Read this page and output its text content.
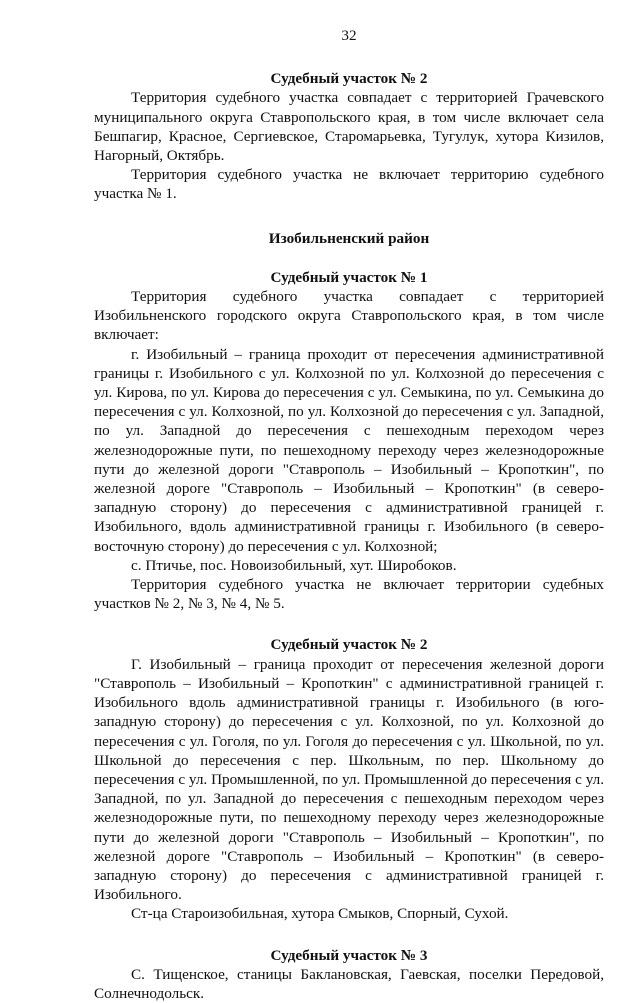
32
Судебный участок № 2

Территория судебного участка совпадает с территорией Грачевского муниципального округа Ставропольского края, в том числе включает села Бешпагир, Красное, Сергиевское, Старомарьевка, Тугулук, хутора Кизилов, Нагорный, Октябрь.

Территория судебного участка не включает территорию судебного участка № 1.

Изобильненский район
Судебный участок № 1

Территория судебного участка совпадает с территорией Изобильненского городского округа Ставропольского края, в том числе включает:

г. Изобильный – граница проходит от пересечения административной границы г. Изобильного с ул. Колхозной по ул. Колхозной до пересечения с ул. Кирова, по ул. Кирова до пересечения с ул. Семыкина, по ул. Семыкина до пересечения с ул. Колхозной, по ул. Колхозной до пересечения с ул. Западной, по ул. Западной до пересечения с пешеходным переходом через железнодорожные пути, по пешеходному переходу через железнодорожные пути до железной дороги "Ставрополь – Изобильный – Кропоткин", по железной дороге "Ставрополь – Изобильный – Кропоткин" (в северо-западную сторону) до пересечения с административной границей г. Изобильного, вдоль административной границы г. Изобильного (в северо-восточную сторону) до пересечения с ул. Колхозной;

с. Птичье, пос. Новоизобильный, хут. Широбоков.

Территория судебного участка не включает территории судебных участков № 2, № 3, № 4, № 5.

Судебный участок № 2

Г. Изобильный – граница проходит от пересечения железной дороги "Ставрополь – Изобильный – Кропоткин" с административной границей г. Изобильного вдоль административной границы г. Изобильного (в юго-западную сторону) до пересечения с ул. Колхозной, по ул. Колхозной до пересечения с ул. Гоголя, по ул. Гоголя до пересечения с ул. Школьной, по ул. Школьной до пересечения с пер. Школьным, по пер. Школьному до пересечения с ул. Промышленной, по ул. Промышленной до пересечения с ул. Западной, по ул. Западной до пересечения с пешеходным переходом через железнодорожные пути, по пешеходному переходу через железнодорожные пути до железной дороги "Ставрополь – Изобильный – Кропоткин", по железной дороге "Ставрополь – Изобильный – Кропоткин" (в северо-западную сторону) до пересечения с административной границей г. Изобильного.

Ст-ца Староизобильная, хутора Смыков, Спорный, Сухой.

Судебный участок № 3

С. Тищенское, станицы Баклановская, Гаевская, поселки Передовой, Солнечнодольск.
